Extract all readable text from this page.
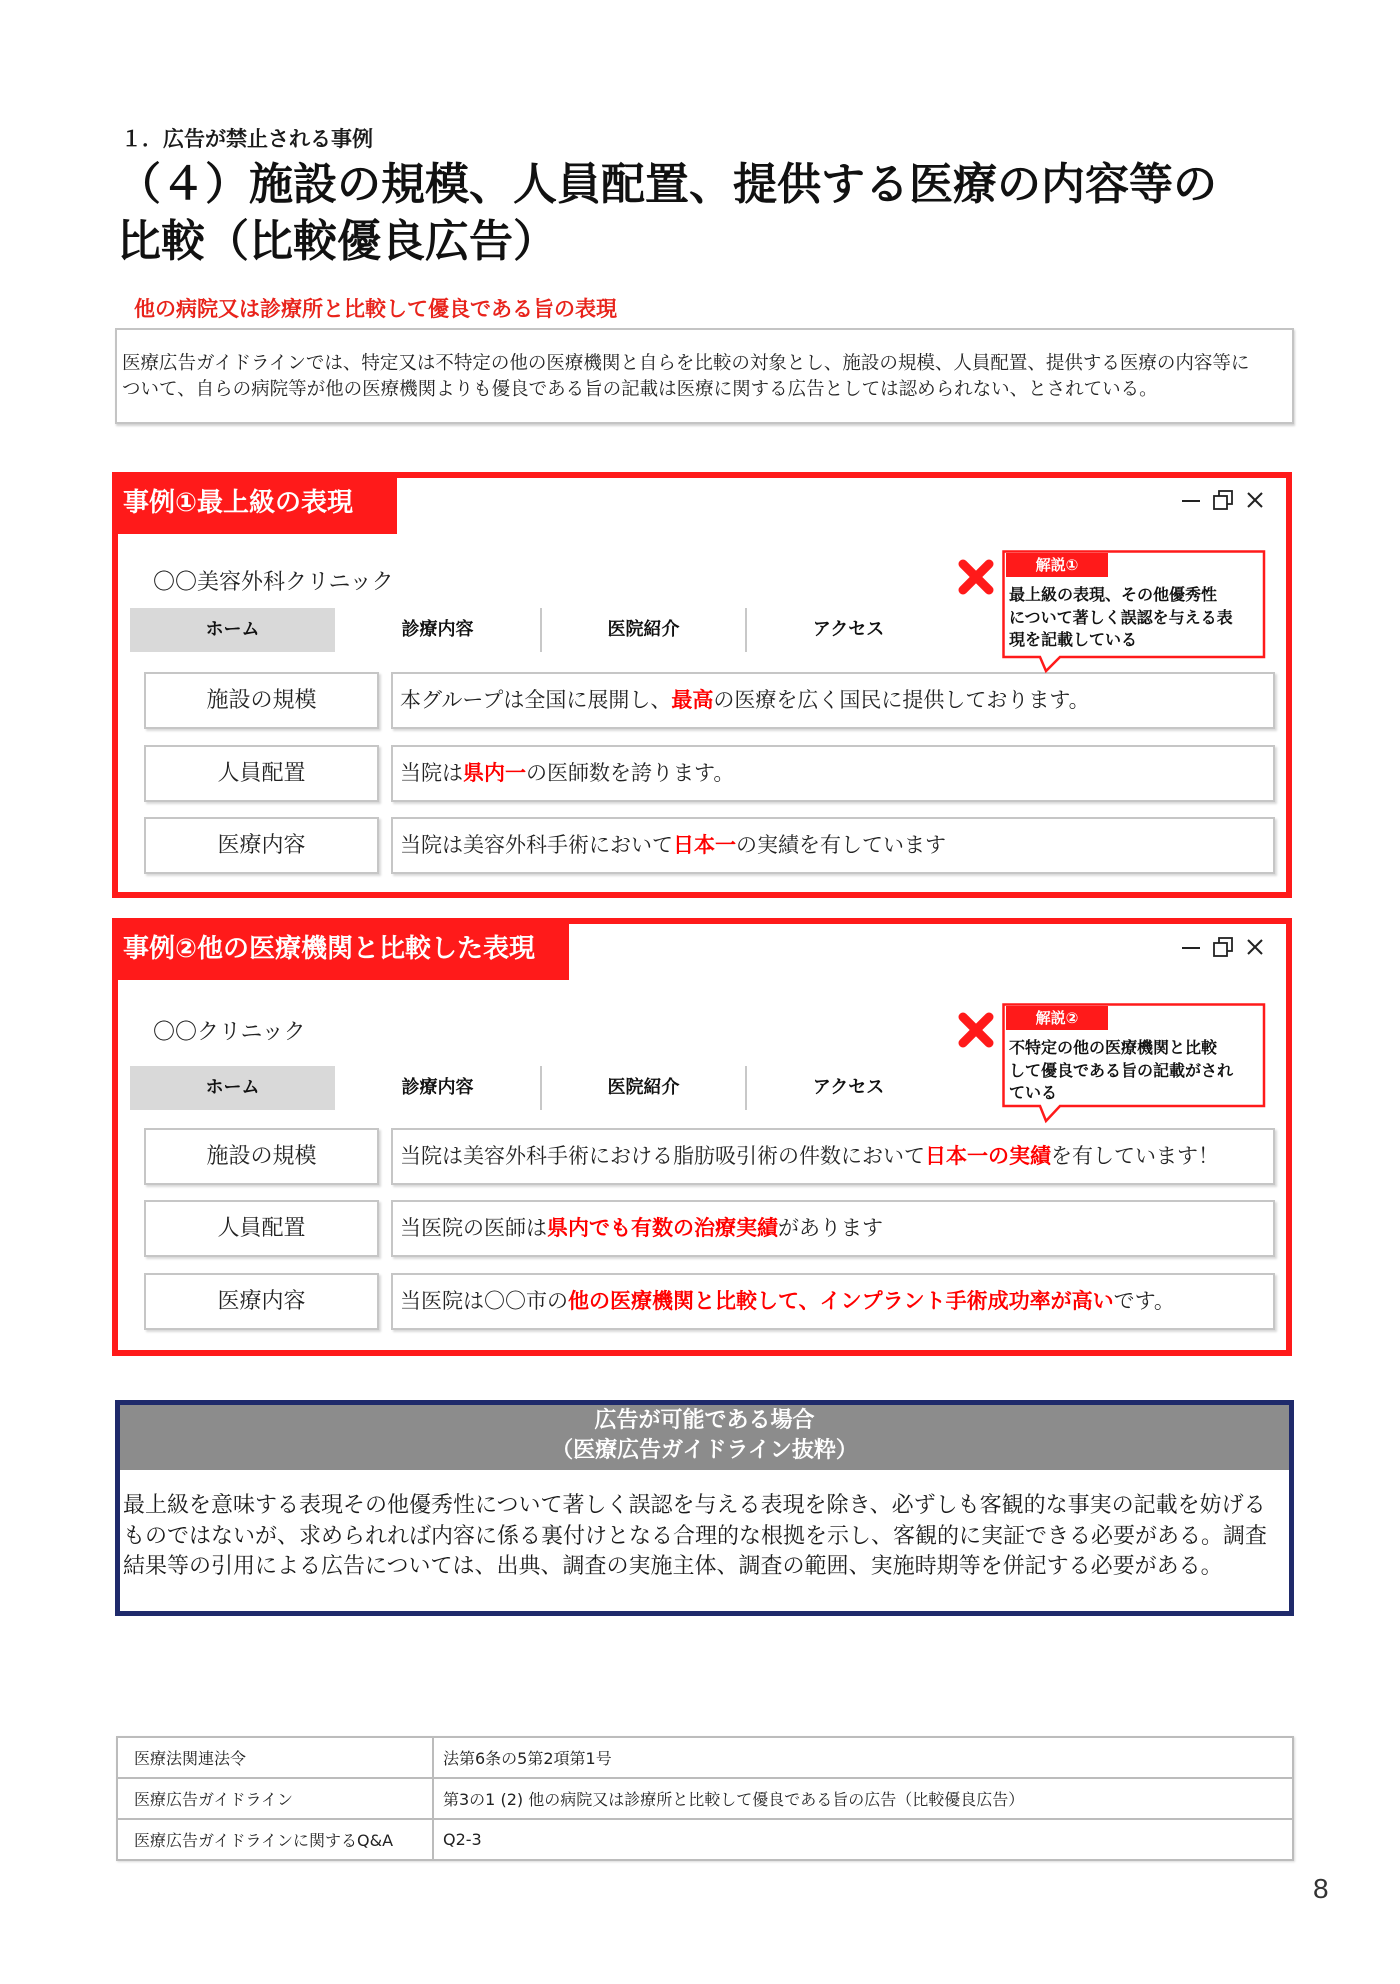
１．広告が禁止される事例
（４）施設の規模、人員配置、提供する医療の内容等の
比較（比較優良広告）
他の病院又は診療所と比較して優良である旨の表現
医療広告ガイドラインでは、特定又は不特定の他の医療機関と自らを比較の対象とし、施設の規模、人員配置、提供する医療の内容等に
ついて、自らの病院等が他の医療機関よりも優良である旨の記載は医療に関する広告としては認められない、とされている。
事例①最上級の表現
〇〇美容外科クリニック
ホーム	診療内容	医院紹介	アクセス
解説①
最上級の表現、その他優秀性
について著しく誤認を与える表
現を記載している
施設の規模	本グループは全国に展開し、最高の医療を広く国民に提供しております。
人員配置	当院は県内一の医師数を誇ります。
医療内容	当院は美容外科手術において日本一の実績を有しています
事例②他の医療機関と比較した表現
〇〇クリニック
ホーム	診療内容	医院紹介	アクセス
解説②
不特定の他の医療機関と比較
して優良である旨の記載がされ
ている
施設の規模	当院は美容外科手術における脂肪吸引術の件数において日本一の実績を有しています！
人員配置	当医院の医師は県内でも有数の治療実績があります
医療内容	当医院は〇〇市の他の医療機関と比較して、インプラント手術成功率が高いです。
広告が可能である場合
（医療広告ガイドライン抜粋）
最上級を意味する表現その他優秀性について著しく誤認を与える表現を除き、必ずしも客観的な事実の記載を妨げる
ものではないが、求められれば内容に係る裏付けとなる合理的な根拠を示し、客観的に実証できる必要がある。調査
結果等の引用による広告については、出典、調査の実施主体、調査の範囲、実施時期等を併記する必要がある。
医療法関連法令	法第6条の5第2項第1号
医療広告ガイドライン	第3の1 (2) 他の病院又は診療所と比較して優良である旨の広告（比較優良広告）
医療広告ガイドラインに関するQ&A	Q2-3
8
